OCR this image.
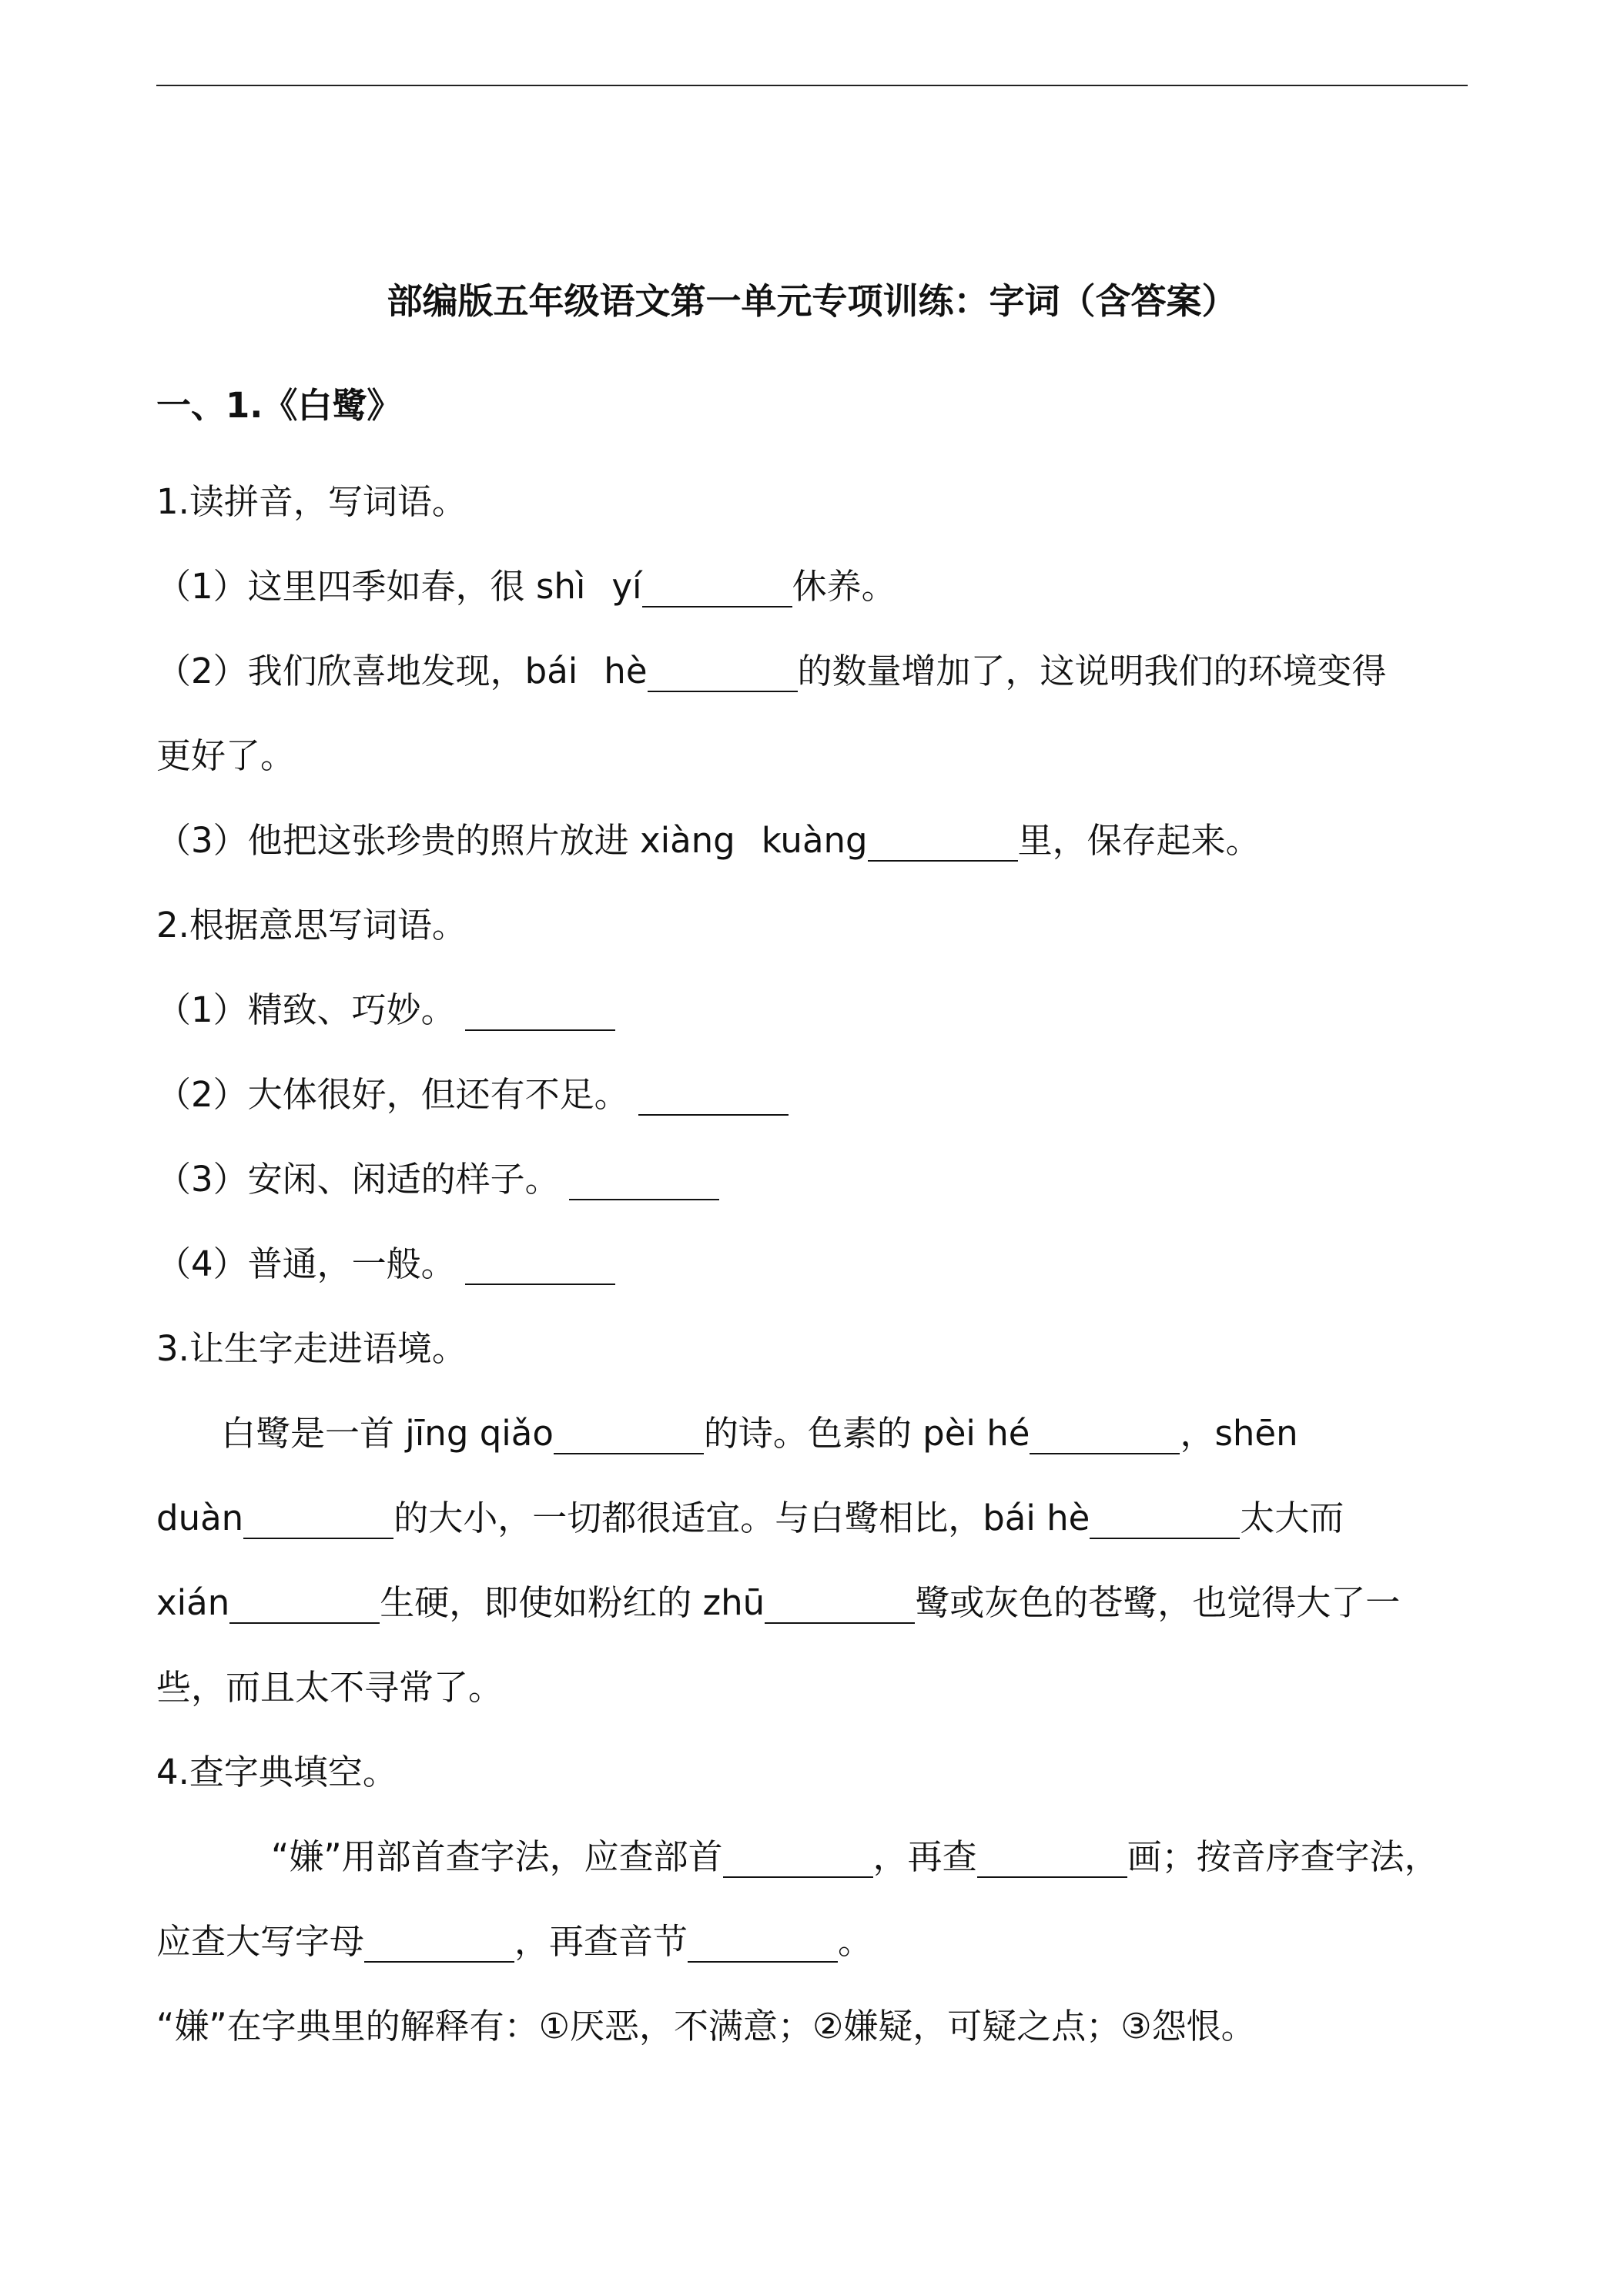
部编版五年级语文第一单元专项训练：字词（含答案）
一、1.《白鹭》
1.读拼音，写词语。
（1）这里四季如春，很 shì yí	休养。
（2）我们欣喜地发现，bái hè	的数量增加了，这说明我们的环境变得
更好了。
（3）他把这张珍贵的照片放进 xiàng kuàng	里，保存起来。
2.根据意思写词语。
（1）精致、巧妙。
（2）大体很好，但还有不足。
（3）安闲、闲适的样子。
（4）普通，一般。
3.让生字走进语境。
白鹭是一首 jīng qiǎo	的诗。色素的 pèi hé	，shēn
duàn	的大小，一切都很适宜。与白鹭相比，bái hè	太大而
xián	生硬，即使如粉红的 zhū	鹭或灰色的苍鹭，也觉得大了一
些，而且太不寻常了。
4.查字典填空。
“嫌”用部首查字法，应查部首	，再查	画；按音序查字法，
应查大写字母	，再查音节	。
“嫌”在字典里的解释有：①厌恶，不满意；②嫌疑，可疑之点；③怨恨。
